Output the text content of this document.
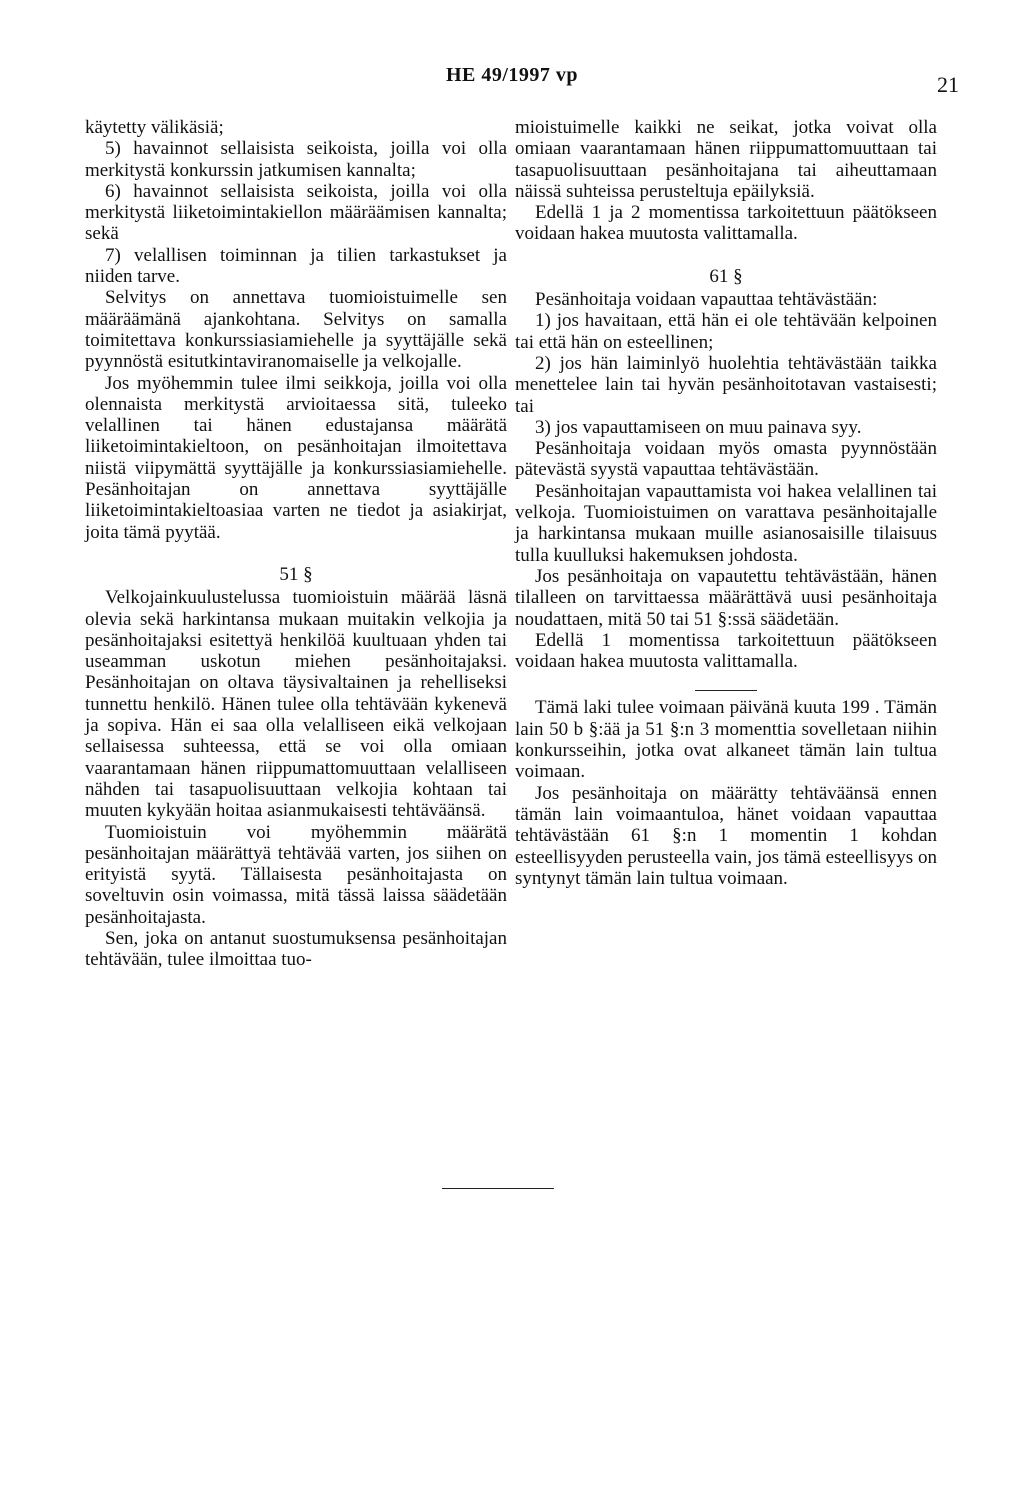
HE 49/1997 vp	21

käytetty välikäsiä;

5) havainnot sellaisista seikoista, joilla voi olla merkitystä konkurssin jatkumisen kannalta;

6) havainnot sellaisista seikoista, joilla voi olla merkitystä liiketoimintakiellon määräämisen kannalta; sekä

7) velallisen toiminnan ja tilien tarkastukset ja niiden tarve.

Selvitys on annettava tuomioistuimelle sen määräämänä ajankohtana. Selvitys on samalla toimitettava konkurssiasiamiehelle ja syyttäjälle sekä pyynnöstä esitutkintaviranomaiselle ja velkojalle.

Jos myöhemmin tulee ilmi seikkoja, joilla voi olla olennaista merkitystä arvioitaessa sitä, tuleeko velallinen tai hänen edustajansa määrätä liiketoimintakieltoon, on pesänhoitajan ilmoitettava niistä viipymättä syyttäjälle ja konkurssiasiamiehelle. Pesänhoitajan on annettava syyttäjälle liiketoimintakieltoasiaa varten ne tiedot ja asiakirjat, joita tämä pyytää.

51 §

Velkojainkuulustelussa tuomioistuin määrää läsnä olevia sekä harkintansa mukaan muitakin velkojia ja pesänhoitajaksi esitettyä henkilöä kuultuaan yhden tai useamman uskotun miehen pesänhoitajaksi. Pesänhoitajan on oltava täysivaltainen ja rehelliseksi tunnettu henkilö. Hänen tulee olla tehtävään kykenevä ja sopiva. Hän ei saa olla velalliseen eikä velkojaan sellaisessa suhteessa, että se voi olla omiaan vaarantamaan hänen riippumattomuuttaan velalliseen nähden tai tasapuolisuuttaan velkojia kohtaan tai muuten kykyään hoitaa asianmukaisesti tehtäväänsä.

Tuomioistuin voi myöhemmin määrätä pesänhoitajan määrättyä tehtävää varten, jos siihen on erityistä syytä. Tällaisesta pesänhoitajasta on soveltuvin osin voimassa, mitä tässä laissa säädetään pesänhoitajasta.

Sen, joka on antanut suostumuksensa pesänhoitajan tehtävään, tulee ilmoittaa tuo-

mioistuimelle kaikki ne seikat, jotka voivat olla omiaan vaarantamaan hänen riippumattomuuttaan tai tasapuolisuuttaan pesänhoitajana tai aiheuttamaan näissä suhteissa perusteltuja epäilyksiä.

Edellä 1 ja 2 momentissa tarkoitettuun päätökseen voidaan hakea muutosta valittamalla.

61 §

Pesänhoitaja voidaan vapauttaa tehtävästään:

1) jos havaitaan, että hän ei ole tehtävään kelpoinen tai että hän on esteellinen;

2) jos hän laiminlyö huolehtia tehtävästään taikka menettelee lain tai hyvän pesänhoitotavan vastaisesti; tai

3) jos vapauttamiseen on muu painava syy.

Pesänhoitaja voidaan myös omasta pyynnöstään pätevästä syystä vapauttaa tehtävästään.

Pesänhoitajan vapauttamista voi hakea velallinen tai velkoja. Tuomioistuimen on varattava pesänhoitajalle ja harkintansa mukaan muille asianosaisille tilaisuus tulla kuulluksi hakemuksen johdosta.

Jos pesänhoitaja on vapautettu tehtävästään, hänen tilalleen on tarvittaessa määrättävä uusi pesänhoitaja noudattaen, mitä 50 tai 51 §:ssä säädetään.

Edellä 1 momentissa tarkoitettuun päätökseen voidaan hakea muutosta valittamalla.

Tämä laki tulee voimaan päivänä kuuta 199 . Tämän lain 50 b §:ää ja 51 §:n 3 momenttia sovelletaan niihin konkursseihin, jotka ovat alkaneet tämän lain tultua voimaan.

Jos pesänhoitaja on määrätty tehtäväänsä ennen tämän lain voimaantuloa, hänet voidaan vapauttaa tehtävästään 61 §:n 1 momentin 1 kohdan esteellisyyden perusteella vain, jos tämä esteellisyys on syntynyt tämän lain tultua voimaan.
